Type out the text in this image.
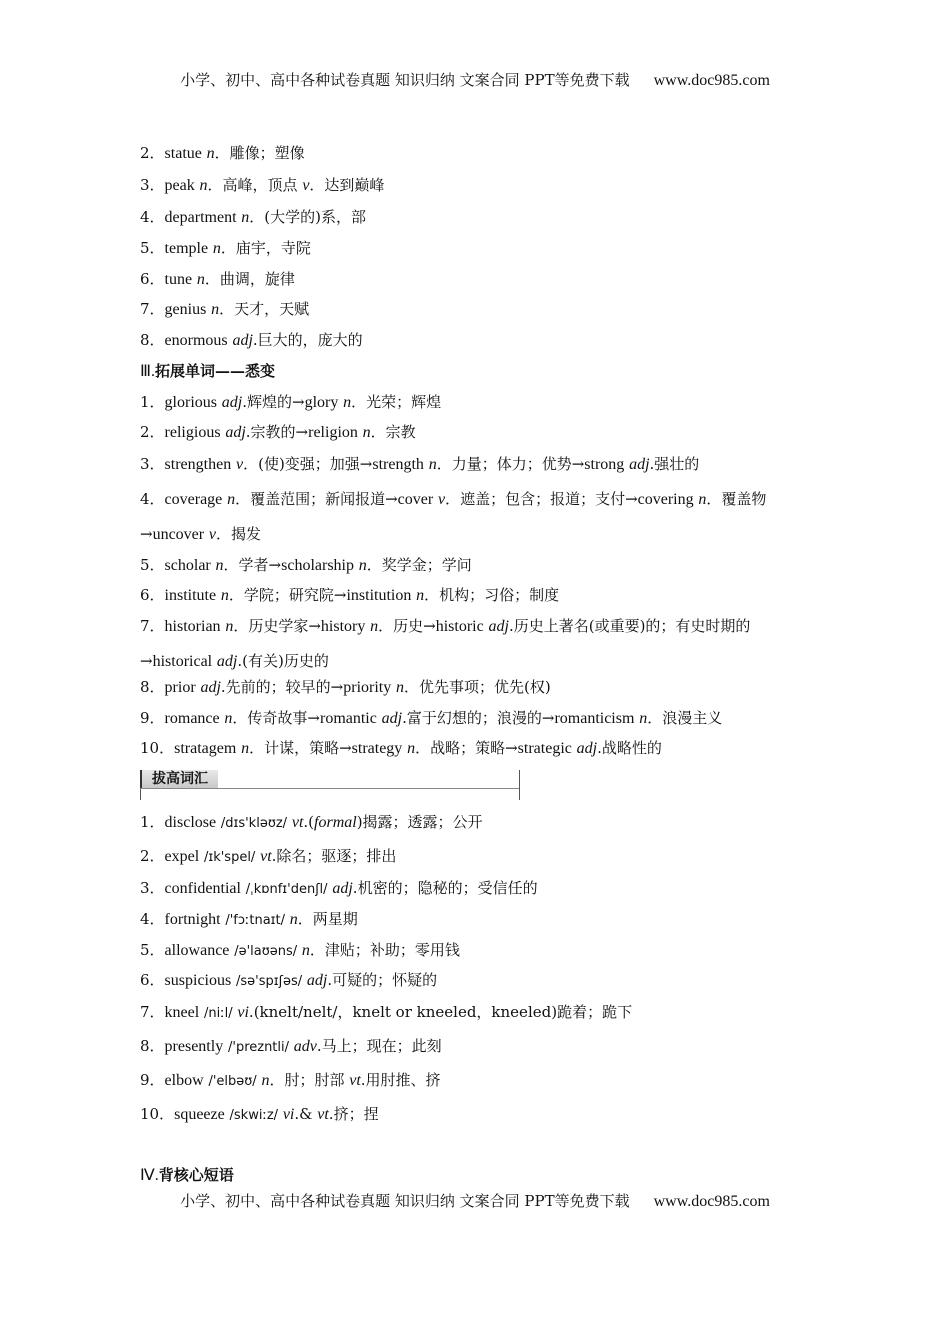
小学、初中、高中各种试卷真题 知识归纳 文案合同 PPT等免费下载 www.doc985.com
2．statue n．雕像；塑像
3．peak n．高峰，顶点 v．达到巅峰
4．department n．(大学的)系，部
5．temple n．庙宇，寺院
6．tune n．曲调，旋律
7．genius n．天才，天赋
8．enormous adj.巨大的，庞大的
Ⅲ.拓展单词——悉变
1．glorious adj.辉煌的→glory n．光荣；辉煌
2．religious adj.宗教的→religion n．宗教
3．strengthen v．(使)变强；加强→strength n．力量；体力；优势→strong adj.强壮的
4．coverage n．覆盖范围；新闻报道→cover v．遮盖；包含；报道；支付→covering n．覆盖物→uncover v．揭发
5．scholar n．学者→scholarship n．奖学金；学问
6．institute n．学院；研究院→institution n．机构；习俗；制度
7．historian n．历史学家→history n．历史→historic adj.历史上著名(或重要)的；有史时期的→historical adj.(有关)历史的
8．prior adj.先前的；较早的→priority n．优先事项；优先(权)
9．romance n．传奇故事→romantic adj.富于幻想的；浪漫的→romanticism n．浪漫主义
10．stratagem n．计谋，策略→strategy n．战略；策略→strategic adj.战略性的
拔高词汇
1．disclose /dɪs'kləʊz/ vt.(formal)揭露；透露；公开
2．expel /ɪk'spel/ vt.除名；驱逐；排出
3．confidential /ˌkɒnfɪ'denʃl/ adj.机密的；隐秘的；受信任的
4．fortnight /'fɔːtnaɪt/ n．两星期
5．allowance /ə'laʊəns/ n．津贴；补助；零用钱
6．suspicious /sə'spɪʃəs/ adj.可疑的；怀疑的
7．kneel /niːl/ vi.(knelt/nelt/，knelt or kneeled，kneeled)跪着；跪下
8．presently /'prezntli/ adv.马上；现在；此刻
9．elbow /'elbəʊ/ n．肘；肘部 vt.用肘推、挤
10．squeeze /skwiːz/ vi.& vt.挤；捏
Ⅳ.背核心短语
小学、初中、高中各种试卷真题 知识归纳 文案合同 PPT等免费下载 www.doc985.com
